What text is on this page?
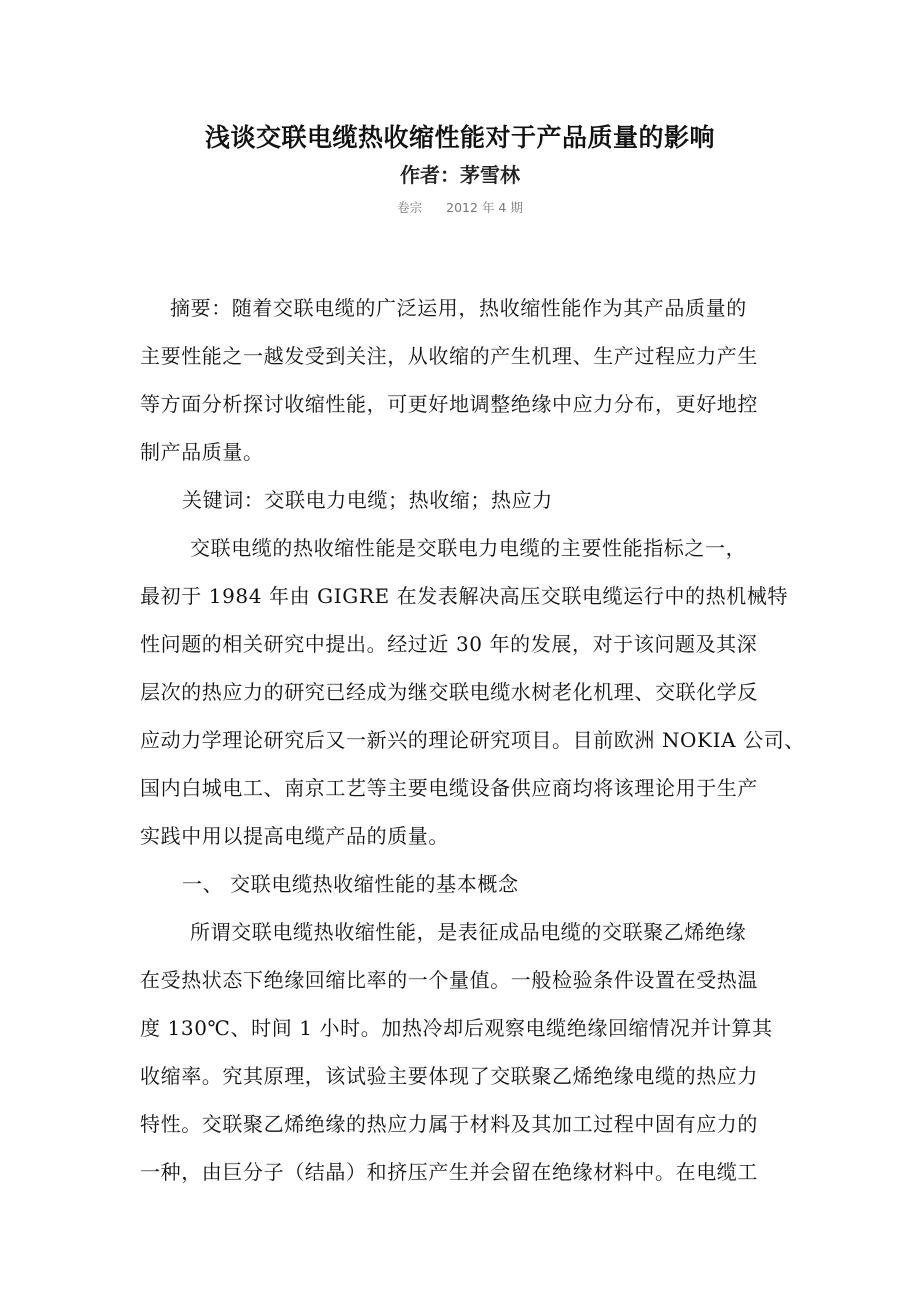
浅谈交联电缆热收缩性能对于产品质量的影响
作者：茅雪林
卷宗 2012 年 4 期
摘要：随着交联电缆的广泛运用，热收缩性能作为其产品质量的
主要性能之一越发受到关注，从收缩的产生机理、生产过程应力产生
等方面分析探讨收缩性能，可更好地调整绝缘中应力分布，更好地控
制产品质量。
关键词：交联电力电缆；热收缩；热应力
交联电缆的热收缩性能是交联电力电缆的主要性能指标之一，
最初于 1984 年由 GIGRE 在发表解决高压交联电缆运行中的热机械特
性问题的相关研究中提出。经过近 30 年的发展，对于该问题及其深
层次的热应力的研究已经成为继交联电缆水树老化机理、交联化学反
应动力学理论研究后又一新兴的理论研究项目。目前欧洲 NOKIA 公司、
国内白城电工、南京工艺等主要电缆设备供应商均将该理论用于生产
实践中用以提高电缆产品的质量。
一、 交联电缆热收缩性能的基本概念
所谓交联电缆热收缩性能，是表征成品电缆的交联聚乙烯绝缘
在受热状态下绝缘回缩比率的一个量值。一般检验条件设置在受热温
度 130℃、时间 1 小时。加热冷却后观察电缆绝缘回缩情况并计算其
收缩率。究其原理，该试验主要体现了交联聚乙烯绝缘电缆的热应力
特性。交联聚乙烯绝缘的热应力属于材料及其加工过程中固有应力的
一种，由巨分子（结晶）和挤压产生并会留在绝缘材料中。在电缆工
